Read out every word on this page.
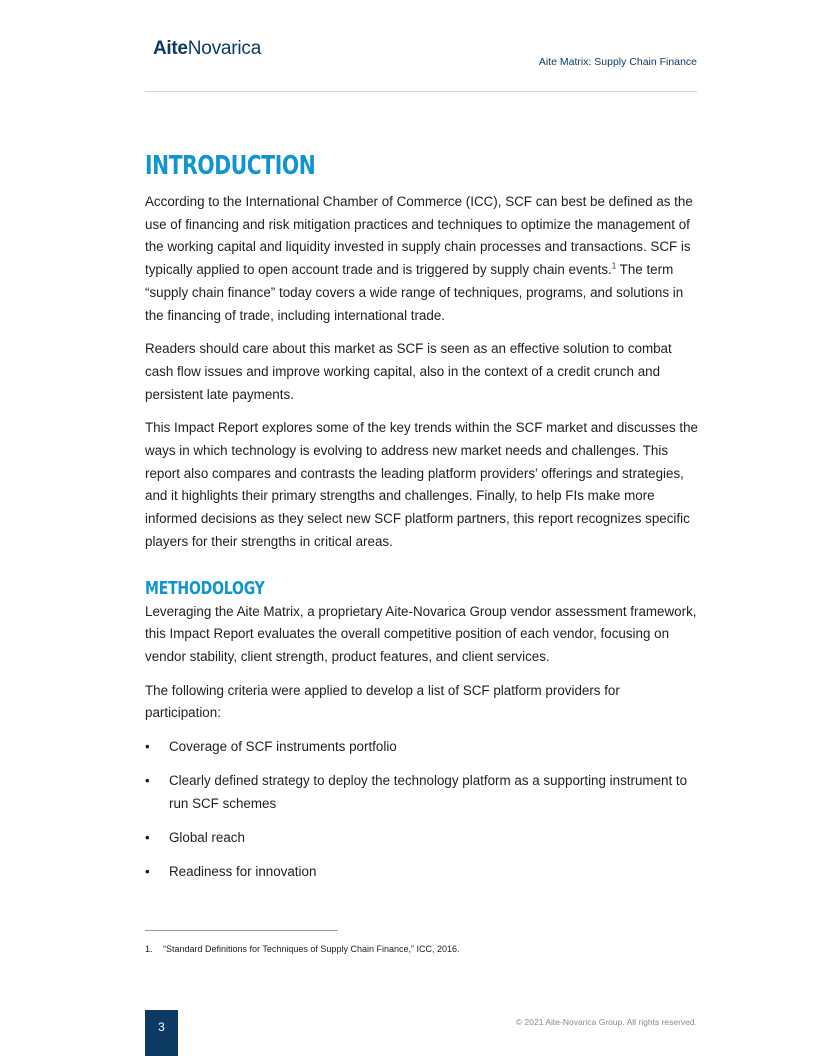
AiteNovarica
Aite Matrix: Supply Chain Finance
INTRODUCTION

According to the International Chamber of Commerce (ICC), SCF can best be defined as the use of financing and risk mitigation practices and techniques to optimize the management of the working capital and liquidity invested in supply chain processes and transactions. SCF is typically applied to open account trade and is triggered by supply chain events.$^1$ The term “supply chain finance” today covers a wide range of techniques, programs, and solutions in the financing of trade, including international trade.

Readers should care about this market as SCF is seen as an effective solution to combat cash flow issues and improve working capital, also in the context of a credit crunch and persistent late payments.

This Impact Report explores some of the key trends within the SCF market and discusses the ways in which technology is evolving to address new market needs and challenges. This report also compares and contrasts the leading platform providers’ offerings and strategies, and it highlights their primary strengths and challenges. Finally, to help FIs make more informed decisions as they select new SCF platform partners, this report recognizes specific players for their strengths in critical areas.

METHODOLOGY

Leveraging the Aite Matrix, a proprietary Aite-Novarica Group vendor assessment framework, this Impact Report evaluates the overall competitive position of each vendor, focusing on vendor stability, client strength, product features, and client services.

The following criteria were applied to develop a list of SCF platform providers for participation:

• Coverage of SCF instruments portfolio
• Clearly defined strategy to deploy the technology platform as a supporting instrument to run SCF schemes
• Global reach
• Readiness for innovation
1. “Standard Definitions for Techniques of Supply Chain Finance,” ICC, 2016.
3	© 2021 Aite-Novarica Group. All rights reserved.
